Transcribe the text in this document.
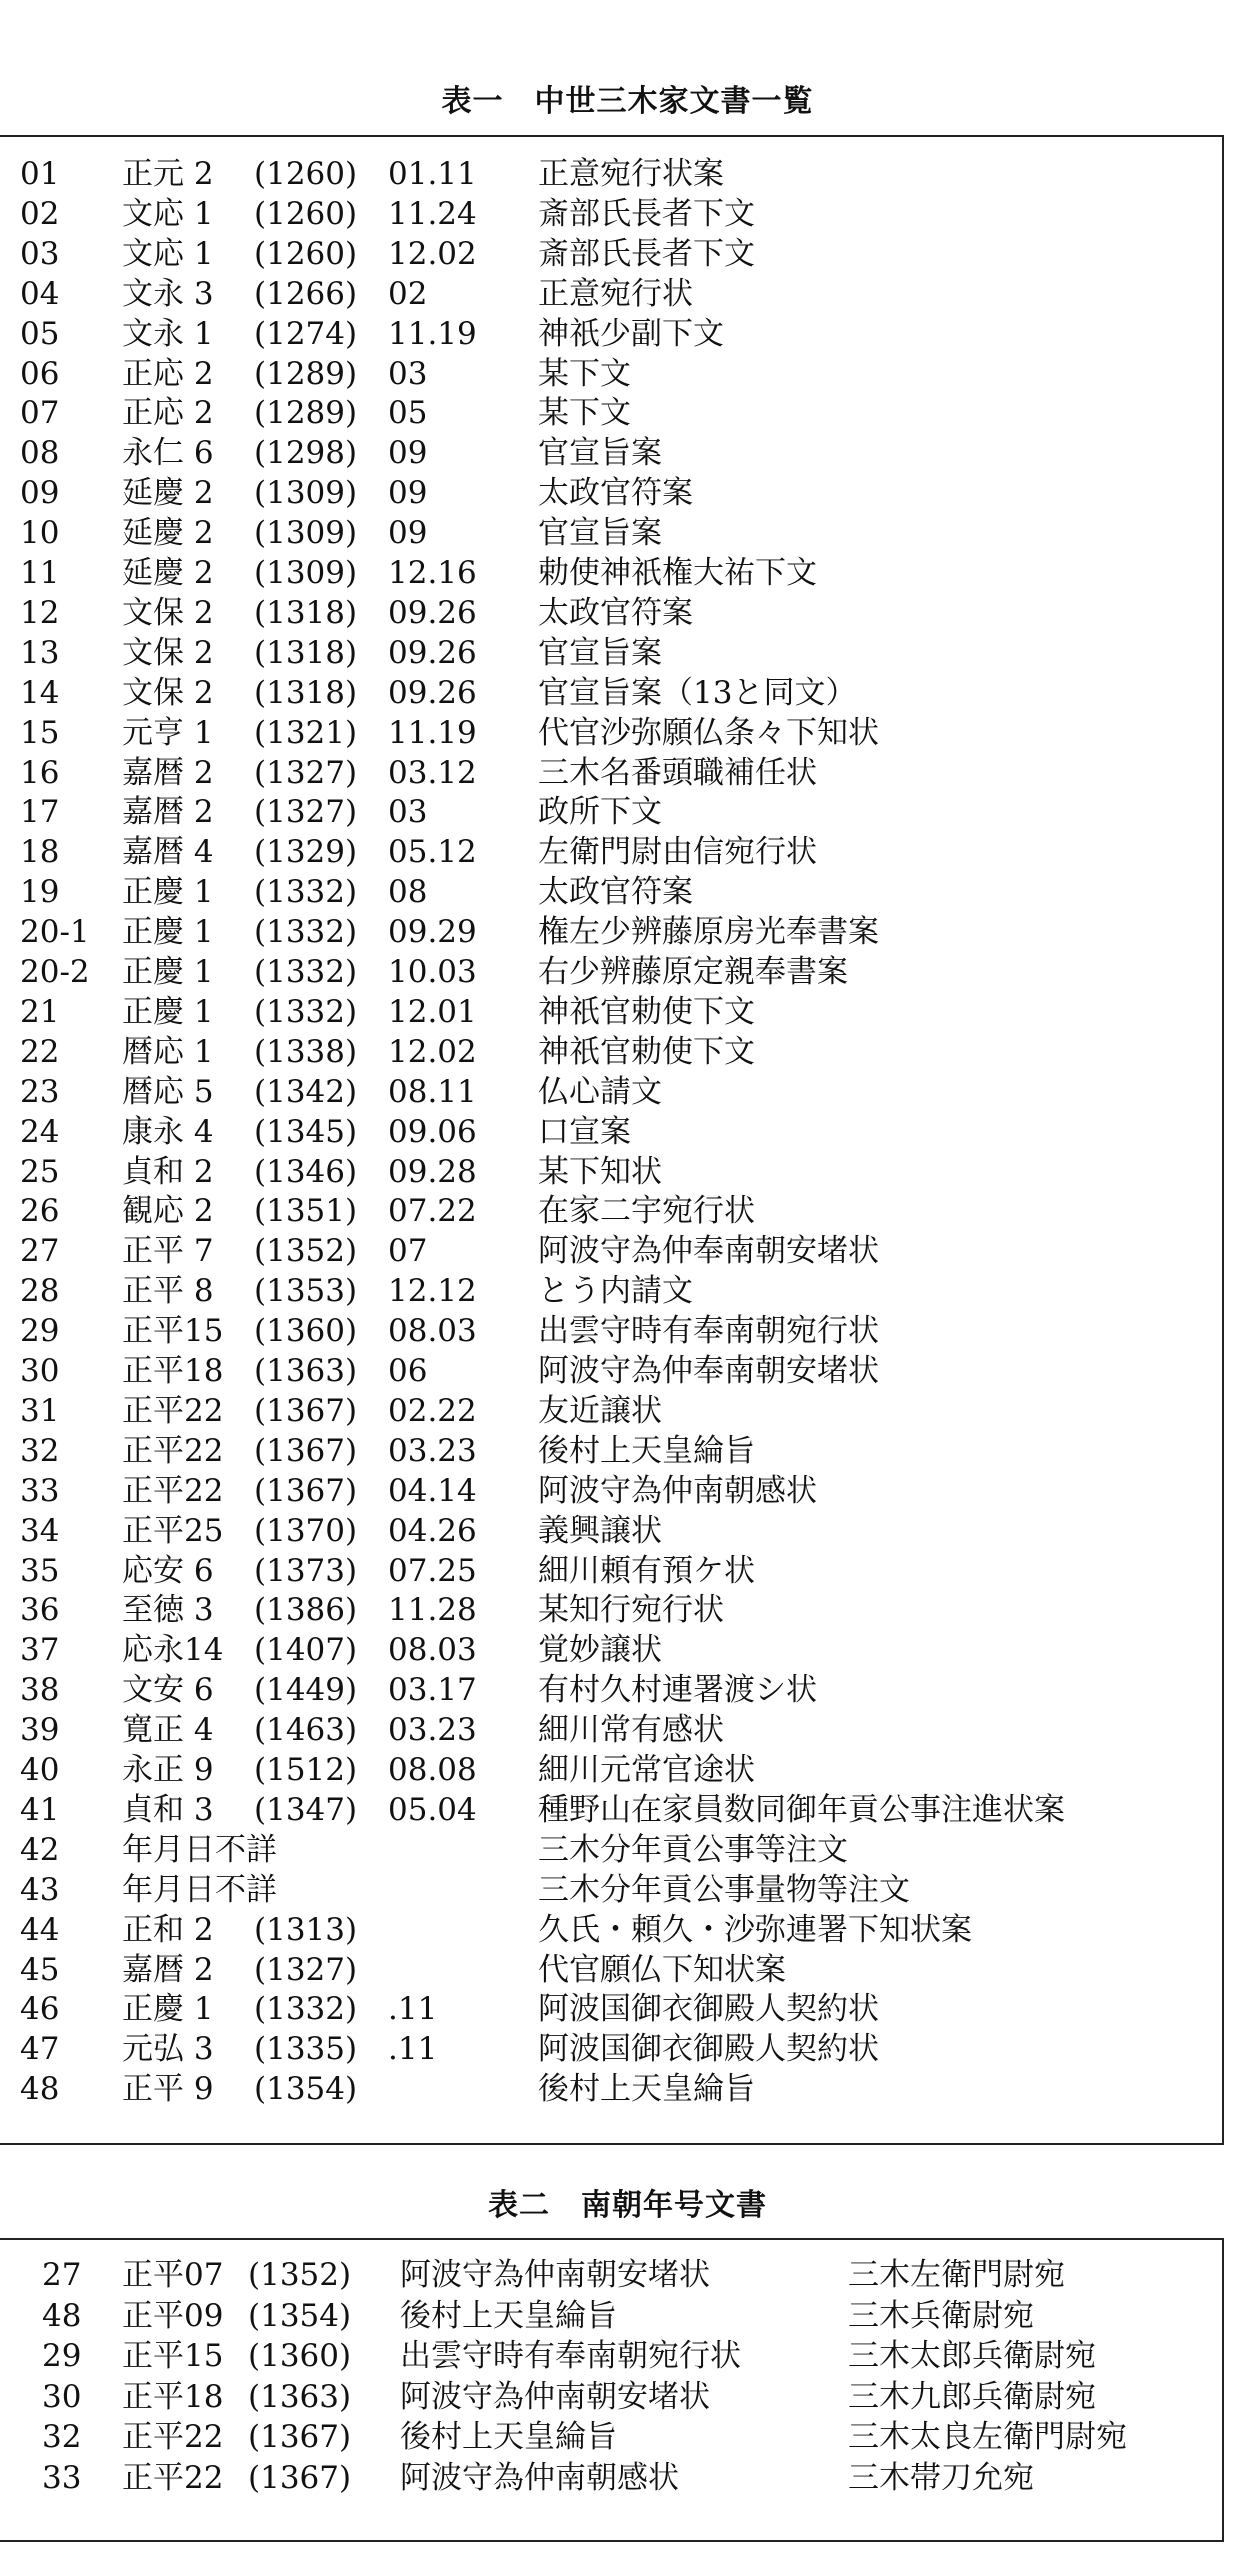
表一　中世三木家文書一覧
01 正元 2 (1260) 01.11 正意宛行状案
02 文応 1 (1260) 11.24 斎部氏長者下文
03 文応 1 (1260) 12.02 斎部氏長者下文
04 文永 3 (1266) 02	正意宛行状
05 文永 1 (1274) 11.19 神祇少副下文
06 正応 2 (1289) 03	某下文
07 正応 2 (1289) 05	某下文
08 永仁 6 (1298) 09	官宣旨案
09 延慶 2 (1309) 09	太政官符案
10 延慶 2 (1309) 09	官宣旨案
11 延慶 2 (1309) 12.16 勅使神祇権大祐下文
12 文保 2 (1318) 09.26 太政官符案
13 文保 2 (1318) 09.26 官宣旨案
14 文保 2 (1318) 09.26 官宣旨案（13と同文）
15 元亨 1 (1321) 11.19 代官沙弥願仏条々下知状
16 嘉暦 2 (1327) 03.12 三木名番頭職補任状
17 嘉暦 2 (1327) 03	政所下文
18 嘉暦 4 (1329) 05.12 左衛門尉由信宛行状
19 正慶 1 (1332) 08	太政官符案
20-1 正慶 1 (1332) 09.29 権左少辨藤原房光奉書案
20-2 正慶 1 (1332) 10.03 右少辨藤原定親奉書案
21 正慶 1 (1332) 12.01 神祇官勅使下文
22 暦応 1 (1338) 12.02 神祇官勅使下文
23 暦応 5 (1342) 08.11 仏心請文
24 康永 4 (1345) 09.06 口宣案
25 貞和 2 (1346) 09.28 某下知状
26 観応 2 (1351) 07.22 在家二宇宛行状
27 正平 7 (1352) 07	阿波守為仲奉南朝安堵状
28 正平 8 (1353) 12.12 とう内請文
29 正平15 (1360) 08.03 出雲守時有奉南朝宛行状
30 正平18 (1363) 06	阿波守為仲奉南朝安堵状
31 正平22 (1367) 02.22 友近譲状
32 正平22 (1367) 03.23 後村上天皇綸旨
33 正平22 (1367) 04.14 阿波守為仲南朝感状
34 正平25 (1370) 04.26 義興譲状
35 応安 6 (1373) 07.25 細川頼有預ケ状
36 至徳 3 (1386) 11.28 某知行宛行状
37 応永14 (1407) 08.03 覚妙譲状
38 文安 6 (1449) 03.17 有村久村連署渡シ状
39 寛正 4 (1463) 03.23 細川常有感状
40 永正 9 (1512) 08.08 細川元常官途状
41 貞和 3 (1347) 05.04 種野山在家員数同御年貢公事注進状案
42 年月日不詳	三木分年貢公事等注文
43 年月日不詳	三木分年貢公事量物等注文
44 正和 2 (1313)	久氏・頼久・沙弥連署下知状案
45 嘉暦 2 (1327)	代官願仏下知状案
46 正慶 1 (1332) .11	阿波国御衣御殿人契約状
47 元弘 3 (1335) .11	阿波国御衣御殿人契約状
48 正平 9 (1354)	後村上天皇綸旨
表二　南朝年号文書
27 正平07 (1352) 阿波守為仲南朝安堵状	三木左衛門尉宛
48 正平09 (1354) 後村上天皇綸旨	三木兵衛尉宛
29 正平15 (1360) 出雲守時有奉南朝宛行状	三木太郎兵衛尉宛
30 正平18 (1363) 阿波守為仲南朝安堵状	三木九郎兵衛尉宛
32 正平22 (1367) 後村上天皇綸旨	三木太良左衛門尉宛
33 正平22 (1367) 阿波守為仲南朝感状	三木帯刀允宛
